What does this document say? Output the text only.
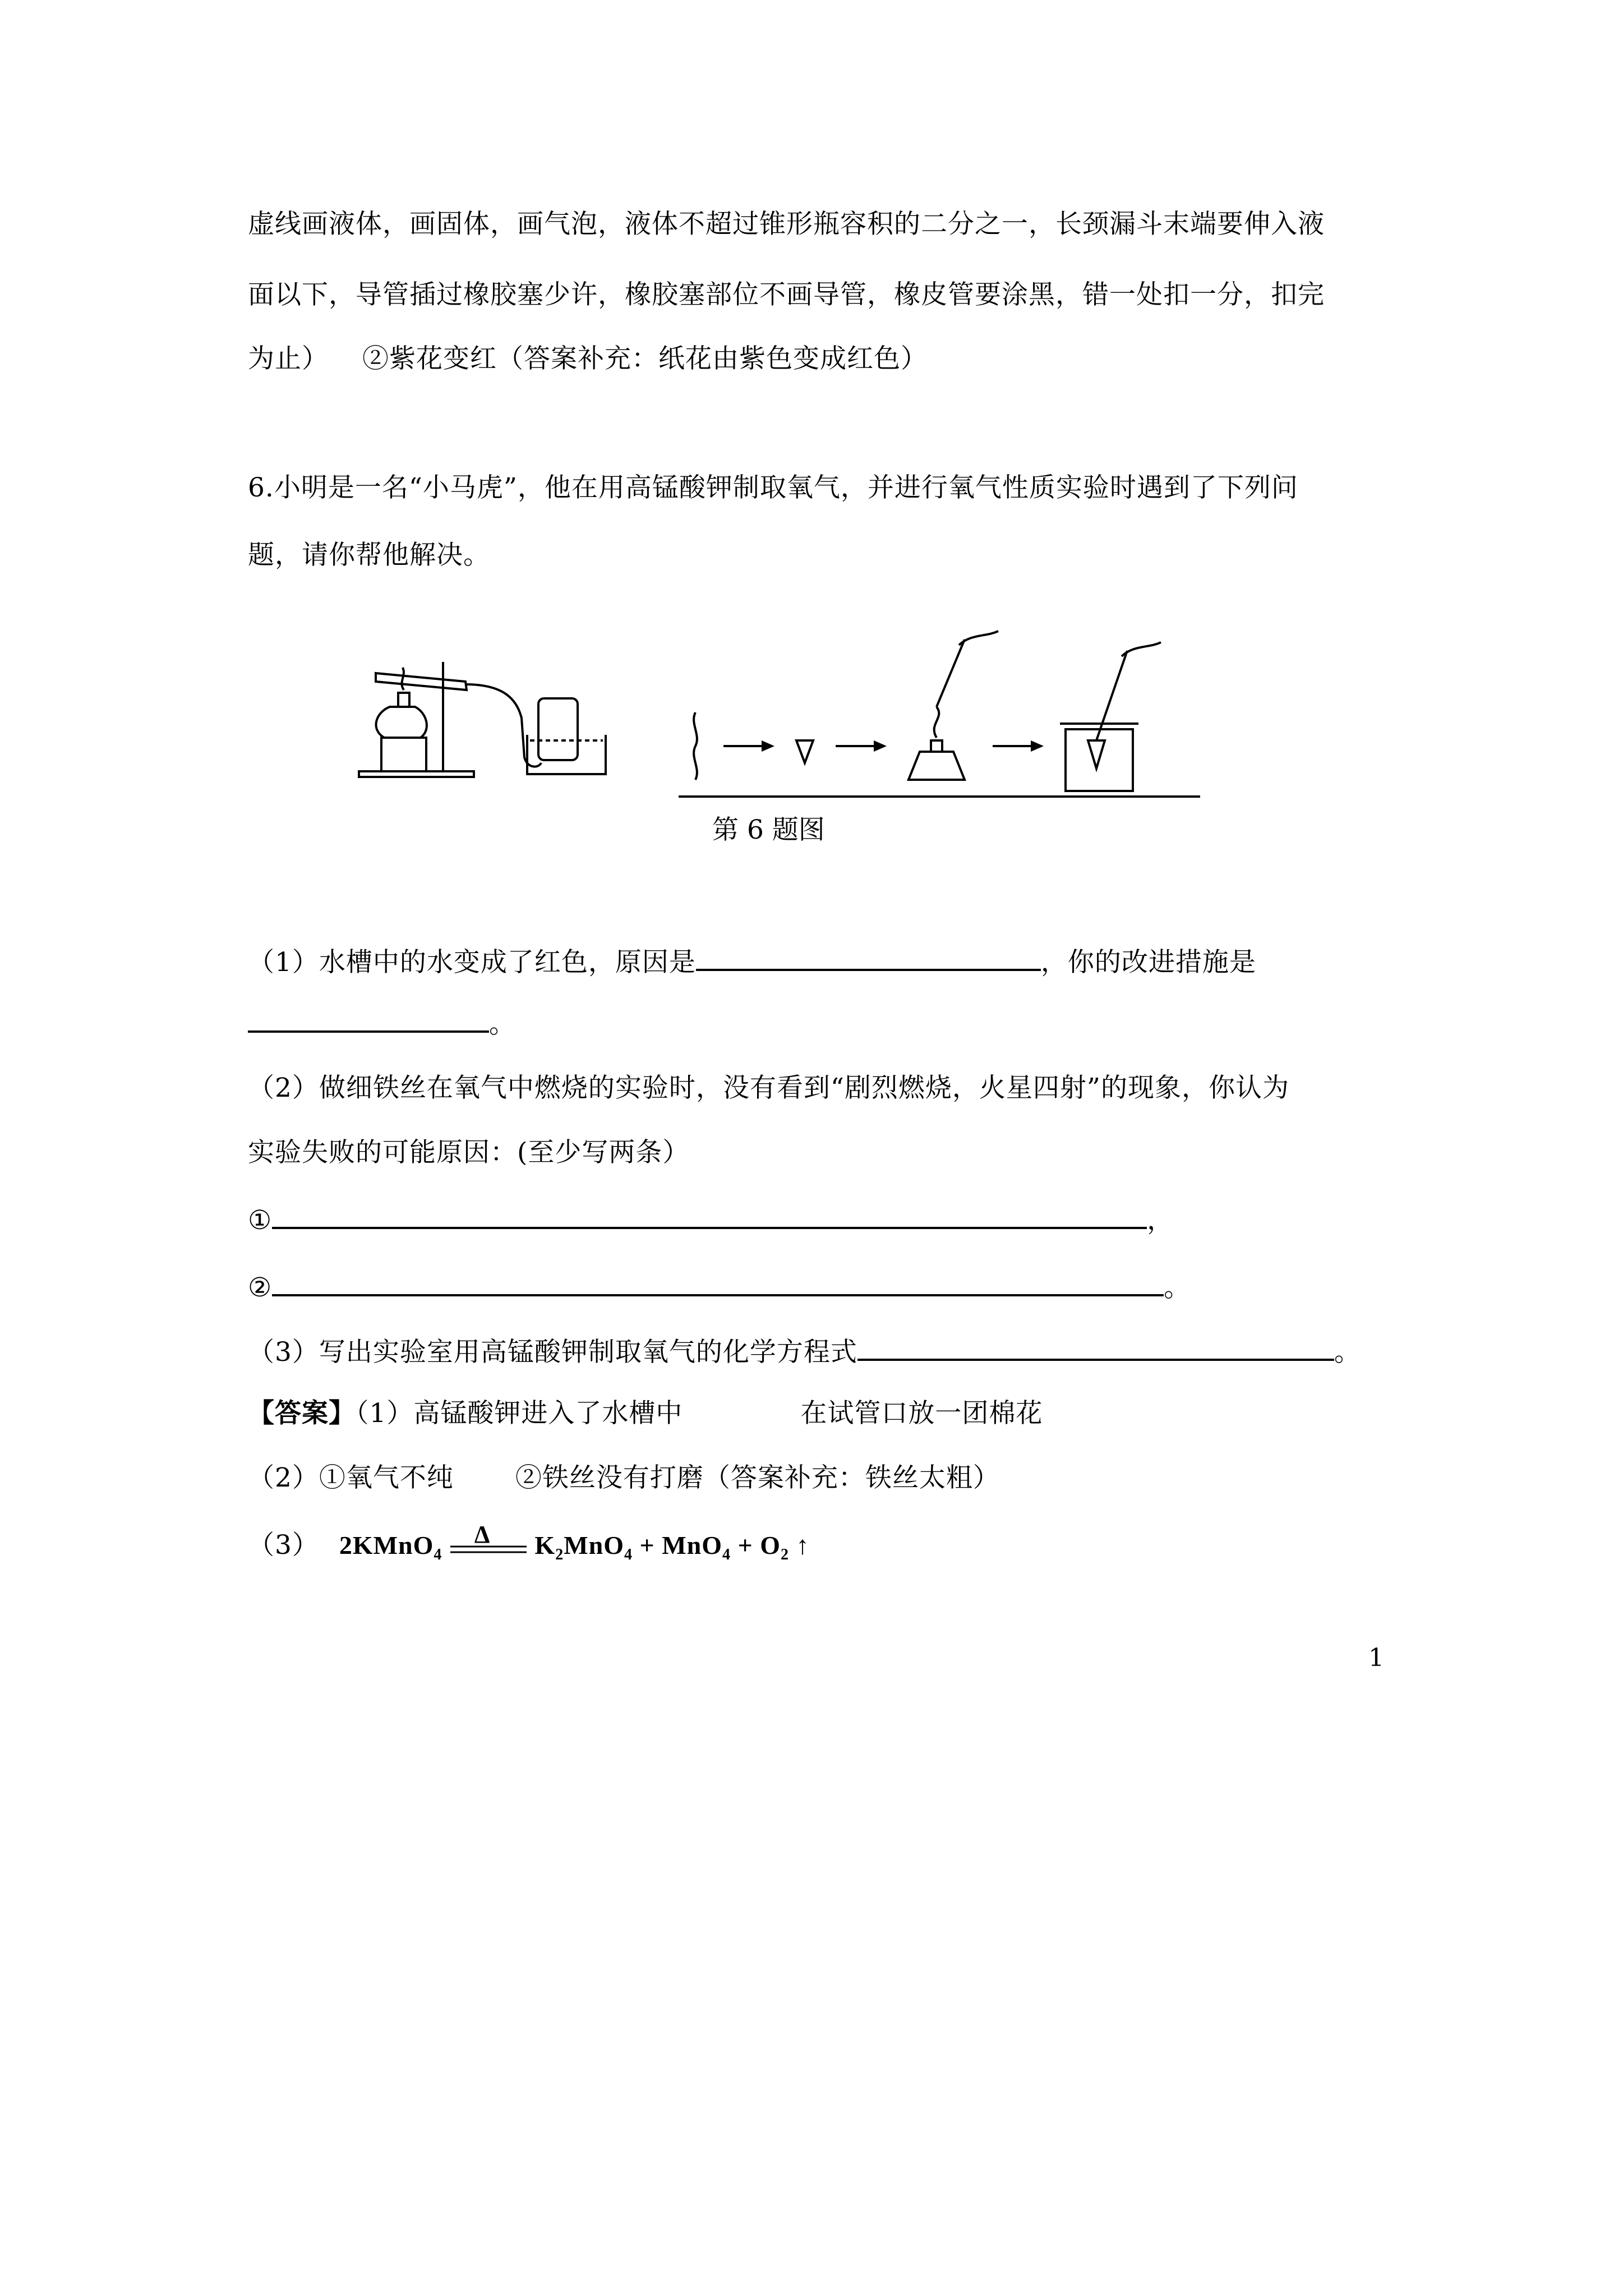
虚线画液体，画固体，画气泡，液体不超过锥形瓶容积的二分之一，长颈漏斗末端要伸入液
面以下，导管插过橡胶塞少许，橡胶塞部位不画导管，橡皮管要涂黑，错一处扣一分，扣完
为止） ②紫花变红（答案补充：纸花由紫色变成红色）
6.小明是一名“小马虎”，他在用高锰酸钾制取氧气，并进行氧气性质实验时遇到了下列问
题，请你帮他解决。
第 6 题图
（1）水槽中的水变成了红色，原因是	，你的改进措施是
。
（2）做细铁丝在氧气中燃烧的实验时，没有看到“剧烈燃烧，火星四射”的现象，你认为
实验失败的可能原因：(至少写两条）
①	，
②	。
（3）写出实验室用高锰酸钾制取氧气的化学方程式	。
【答案】（1）高锰酸钾进入了水槽中	在试管口放一团棉花
（2）①氧气不纯 ②铁丝没有打磨（答案补充：铁丝太粗）
（3） 2KMnO$_4$
Δ $K_2MnO_4 + MnO_4 + O_2$ ↑
1
